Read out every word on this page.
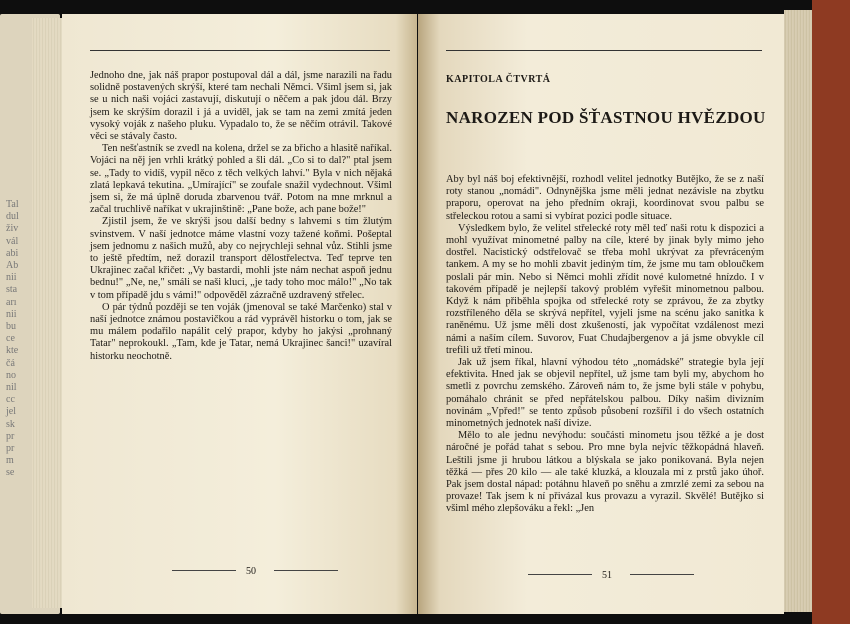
Tal
dul
živ
vál
abi
Ab
nii
sta
arı
nii
bu
ce
kte
čá
no
nil
cc
jel
sk
pr
pr
m
se

Jednoho dne, jak náš prapor postupoval dál a dál, jsme narazili na řadu solidně postavených skrýší, které tam nechali Němci. Všiml jsem si, jak se u nich naši vojáci zastavují, diskutují o něčem a pak jdou dál. Brzy jsem ke skrýším dorazil i já a uviděl, jak se tam na zemi zmítá jeden vysoký voják z našeho pluku. Vypadalo to, že se něčím otrávil. Takové věci se stávaly často.

Ten nešťastník se zvedl na kolena, držel se za břicho a hlasitě naříkal. Vojáci na něj jen vrhli krátký pohled a šli dál. „Co si to dal?" ptal jsem se. „Tady to vidíš, vypil něco z těch velkých lahví." Byla v nich nějaká zlatá lepkavá tekutina. „Umírající" se zoufale snažil vydechnout. Všiml jsem si, že má úplně doruda zbarvenou tvář. Potom na mne mrknul a začal truchlivě naříkat v ukrajinštině: „Pane bože, ach pane bože!"

Zjistil jsem, že ve skrýši jsou další bedny s lahvemi s tím žlutým svinstvem. V naší jednotce máme vlastní vozy tažené koňmi. Pošeptal jsem jednomu z našich mužů, aby co nejrychleji sehnal vůz. Stihli jsme to ještě předtím, než dorazil transport dělostřelectva. Teď teprve ten Ukrajinec začal křičet: „Vy bastardi, mohli jste nám nechat aspoň jednu bednu!" „Ne, ne," smáli se naši kluci, „je tady toho moc málo!" „No tak v tom případě jdu s vámi!" odpověděl zázračně uzdravený střelec.

O pár týdnů později se ten voják (jmenoval se také Marčenko) stal v naší jednotce známou postavičkou a rád vyprávěl historku o tom, jak se mu málem podařilo napálit celý prapor, kdyby ho jakýsi „prohnaný Tatar" neprokoukl. „Tam, kde je Tatar, nemá Ukrajinec šanci!" uzavíral historku neochotně.

50
KAPITOLA ČTVRTÁ
NAROZEN POD ŠŤASTNOU HVĚZDOU

Aby byl náš boj efektivnější, rozhodl velitel jednotky Butějko, že se z naší roty stanou „nomádi". Odnynějška jsme měli jednat nezávisle na zbytku praporu, operovat na jeho předním okraji, koordinovat svou palbu se střeleckou rotou a sami si vybírat pozici podle situace.

Výsledkem bylo, že velitel střelecké roty měl teď naši rotu k dispozici a mohl využívat minometné palby na cíle, které by jinak byly mimo jeho dostřel. Nacistický odstřelovač se třeba mohl ukrývat za převráceným tankem. A my se ho mohli zbavit jediným tím, že jsme mu tam obloučkem poslali pár min. Nebo si Němci mohli zřídit nové kulometné hnízdo. I v takovém případě je nejlepší takový problém vyřešit minometnou palbou. Když k nám přiběhla spojka od střelecké roty se zprávou, že za zbytky rozstříleného děla se skrývá nepřítel, vyjeli jsme na scénu jako sanitka k raněnému. Už jsme měli dost zkušeností, jak vypočítat vzdálenost mezi námi a naším cílem. Suvorov, Fuat Chudajbergenov a já jsme obvykle cíl trefili už třetí minou.

Jak už jsem říkal, hlavní výhodou této „nomádské" strategie byla její efektivita. Hned jak se objevil nepřítel, už jsme tam byli my, abychom ho smetli z povrchu zemského. Zároveň nám to, že jsme byli stále v pohybu, pomáhalo chránit se před nepřátelskou palbou. Díky našim divizním novinám „Vpřed!" se tento způsob působení rozšířil i do všech ostatních minometných jednotek naší divize.

Mělo to ale jednu nevýhodu: součásti minometu jsou těžké a je dost náročné je pořád tahat s sebou. Pro mne byla nejvíc těžkopádná hlaveň. Leštili jsme ji hrubou látkou a blýskala se jako ponikovaná. Byla nejen těžká — přes 20 kilo — ale také kluzká, a klouzala mi z prstů jako úhoř. Pak jsem dostal nápad: potáhnu hlaveň po sněhu a zmrzlé zemi za sebou na provaze! Tak jsem k ní přivázal kus provazu a vyrazil. Skvělé! Butějko si všiml mého zlepšováku a řekl: „Jen

51
